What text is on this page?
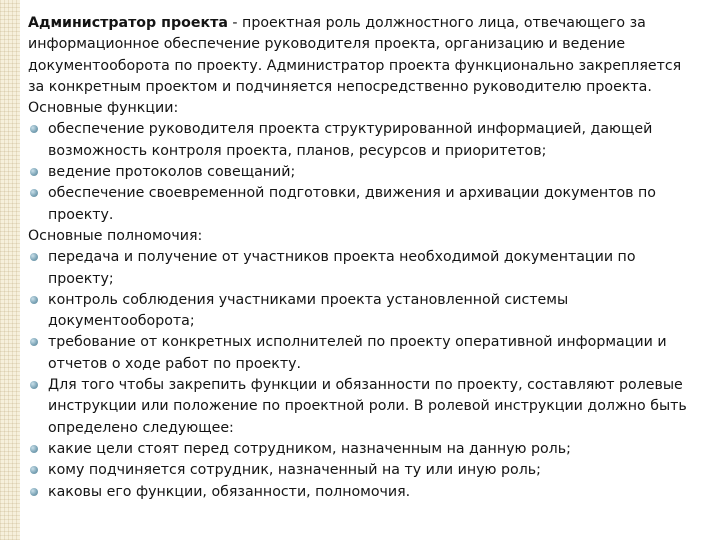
Администратор проекта - проектная роль должностного лица, отвечающего за информационное обеспечение руководителя проекта, организацию и ведение документооборота по проекту. Администратор проекта функционально закрепляется за конкретным проектом и подчиняется непосредственно руководителю проекта.

Основные функции:

обеспечение руководителя проекта структурированной информацией, дающей возможность контроля проекта, планов, ресурсов и приоритетов;
ведение протоколов совещаний;
обеспечение своевременной подготовки, движения и архивации документов по проекту.

Основные полномочия:

передача и получение от участников проекта необходимой документации по проекту;
контроль соблюдения участниками проекта установленной системы документооборота;
требование от конкретных исполнителей по проекту оперативной информации и отчетов о ходе работ по проекту.
Для того чтобы закрепить функции и обязанности по проекту, составляют ролевые инструкции или положение по проектной роли. В ролевой инструкции должно быть определено следующее:
какие цели стоят перед сотрудником, назначенным на данную роль;
кому подчиняется сотрудник, назначенный на ту или иную роль;
каковы его функции, обязанности, полномочия.
